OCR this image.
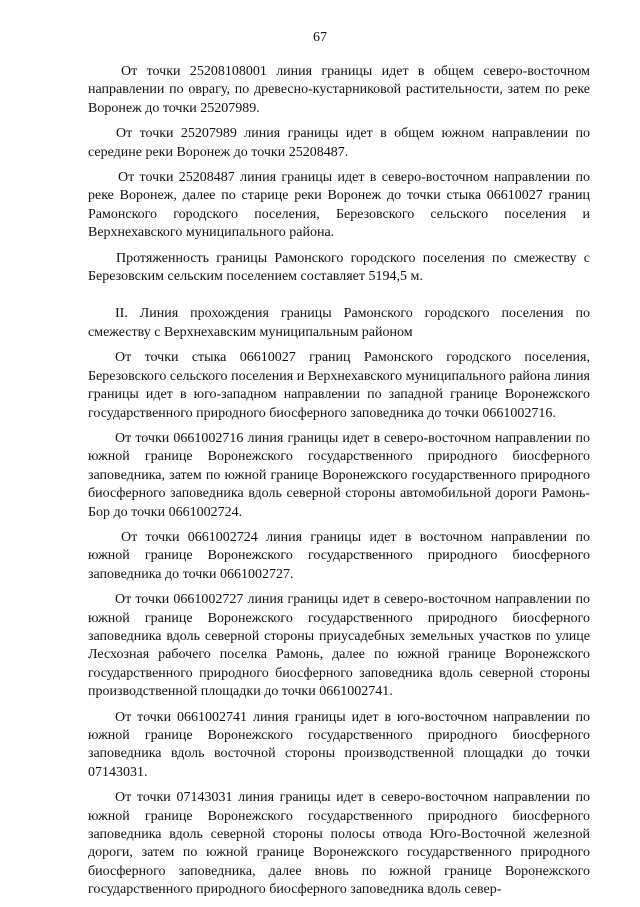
67

От точки 25208108001 линия границы идет в общем северо-восточном направлении по оврагу, по древесно-кустарниковой растительности, затем по реке Воронеж до точки 25207989.

От точки 25207989 линия границы идет в общем южном направлении по середине реки Воронеж до точки 25208487.

От точки 25208487 линия границы идет в северо-восточном направлении по реке Воронеж, далее по старице реки Воронеж до точки стыка 06610027 границ Рамонского городского поселения, Березовского сельского поселения и Верхнехавского муниципального района.

Протяженность границы Рамонского городского поселения по смежеству с Березовским сельским поселением составляет 5194,5 м.

II. Линия прохождения границы Рамонского городского поселения по смежеству с Верхнехавским муниципальным районом

От точки стыка 06610027 границ Рамонского городского поселения, Березовского сельского поселения и Верхнехавского муниципального района линия границы идет в юго-западном направлении по западной границе Воронежского государственного природного биосферного заповедника до точки 0661002716.

От точки 0661002716 линия границы идет в северо-восточном направлении по южной границе Воронежского государственного природного биосферного заповедника, затем по южной границе Воронежского государственного природного биосферного заповедника вдоль северной стороны автомобильной дороги Рамонь-Бор до точки 0661002724.

От точки 0661002724 линия границы идет в восточном направлении по южной границе Воронежского государственного природного биосферного заповедника до точки 0661002727.

От точки 0661002727 линия границы идет в северо-восточном направлении по южной границе Воронежского государственного природного биосферного заповедника вдоль северной стороны приусадебных земельных участков по улице Лесхозная рабочего поселка Рамонь, далее по южной границе Воронежского государственного природного биосферного заповедника вдоль северной стороны производственной площадки до точки 0661002741.

От точки 0661002741 линия границы идет в юго-восточном направлении по южной границе Воронежского государственного природного биосферного заповедника вдоль восточной стороны производственной площадки до точки 07143031.

От точки 07143031 линия границы идет в северо-восточном направлении по южной границе Воронежского государственного природного биосферного заповедника вдоль северной стороны полосы отвода Юго-Восточной железной дороги, затем по южной границе Воронежского государственного природного биосферного заповедника, далее вновь по южной границе Воронежского государственного природного биосферного заповедника вдоль север-
